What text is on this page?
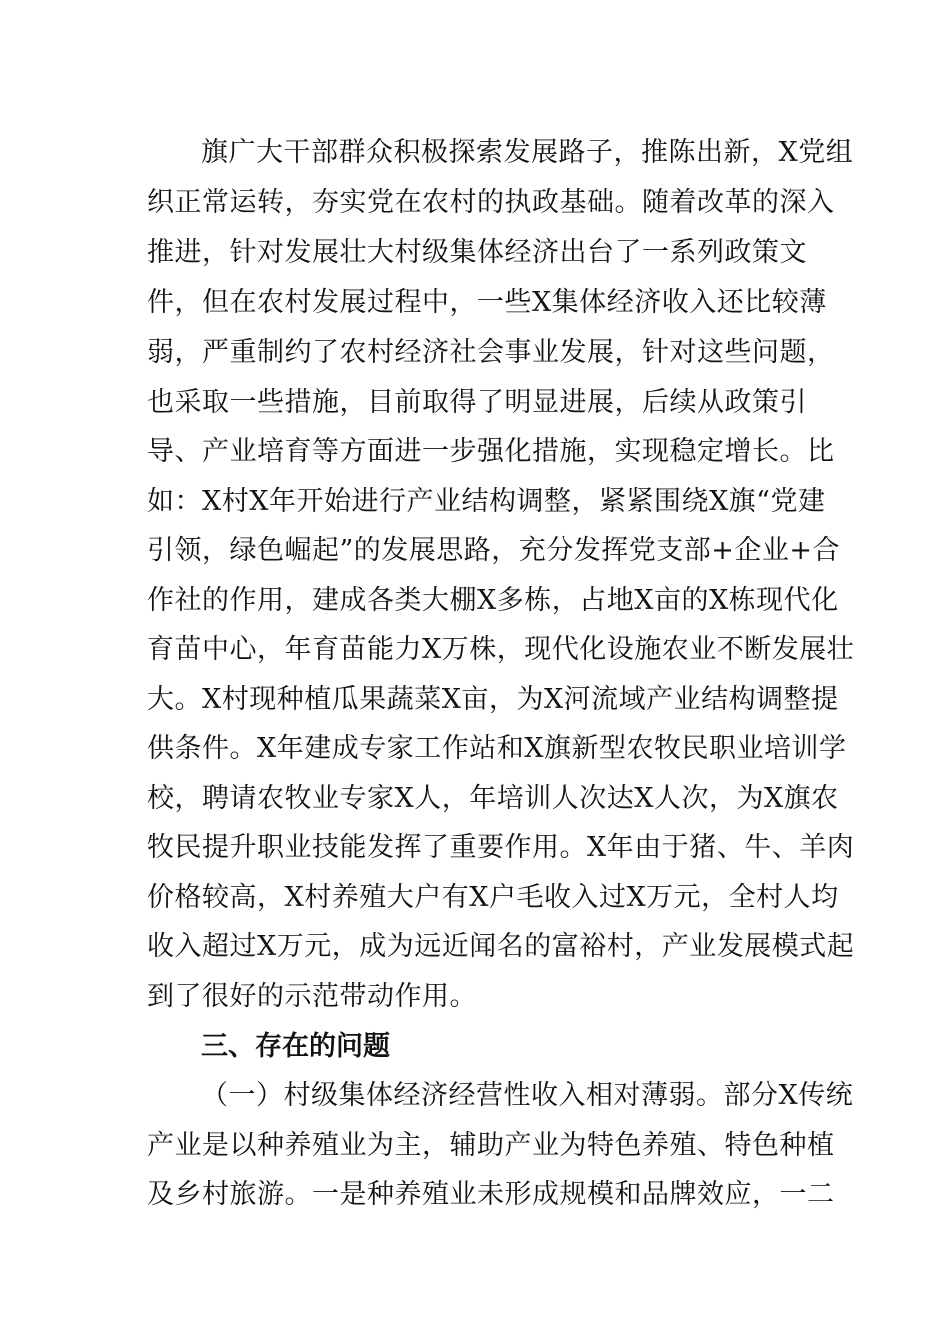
旗广大干部群众积极探索发展路子，推陈出新，X党组

织正常运转，夯实党在农村的执政基础。随着改革的深入

推进，针对发展壮大村级集体经济出台了一系列政策文

件，但在农村发展过程中，一些X集体经济收入还比较薄

弱，严重制约了农村经济社会事业发展，针对这些问题，

也采取一些措施，目前取得了明显进展，后续从政策引

导、产业培育等方面进一步强化措施，实现稳定增长。比

如：X村X年开始进行产业结构调整，紧紧围绕X旗“党建

引领，绿色崛起”的发展思路，充分发挥党支部+企业+合

作社的作用，建成各类大棚X多栋，占地X亩的X栋现代化

育苗中心，年育苗能力X万株，现代化设施农业不断发展壮

大。X村现种植瓜果蔬菜X亩，为X河流域产业结构调整提

供条件。X年建成专家工作站和X旗新型农牧民职业培训学

校，聘请农牧业专家X人，年培训人次达X人次，为X旗农

牧民提升职业技能发挥了重要作用。X年由于猪、牛、羊肉

价格较高，X村养殖大户有X户毛收入过X万元，全村人均

收入超过X万元，成为远近闻名的富裕村，产业发展模式起

到了很好的示范带动作用。

三、存在的问题

（一）村级集体经济经营性收入相对薄弱。部分X传统

产业是以种养殖业为主，辅助产业为特色养殖、特色种植

及乡村旅游。一是种养殖业未形成规模和品牌效应，一二
